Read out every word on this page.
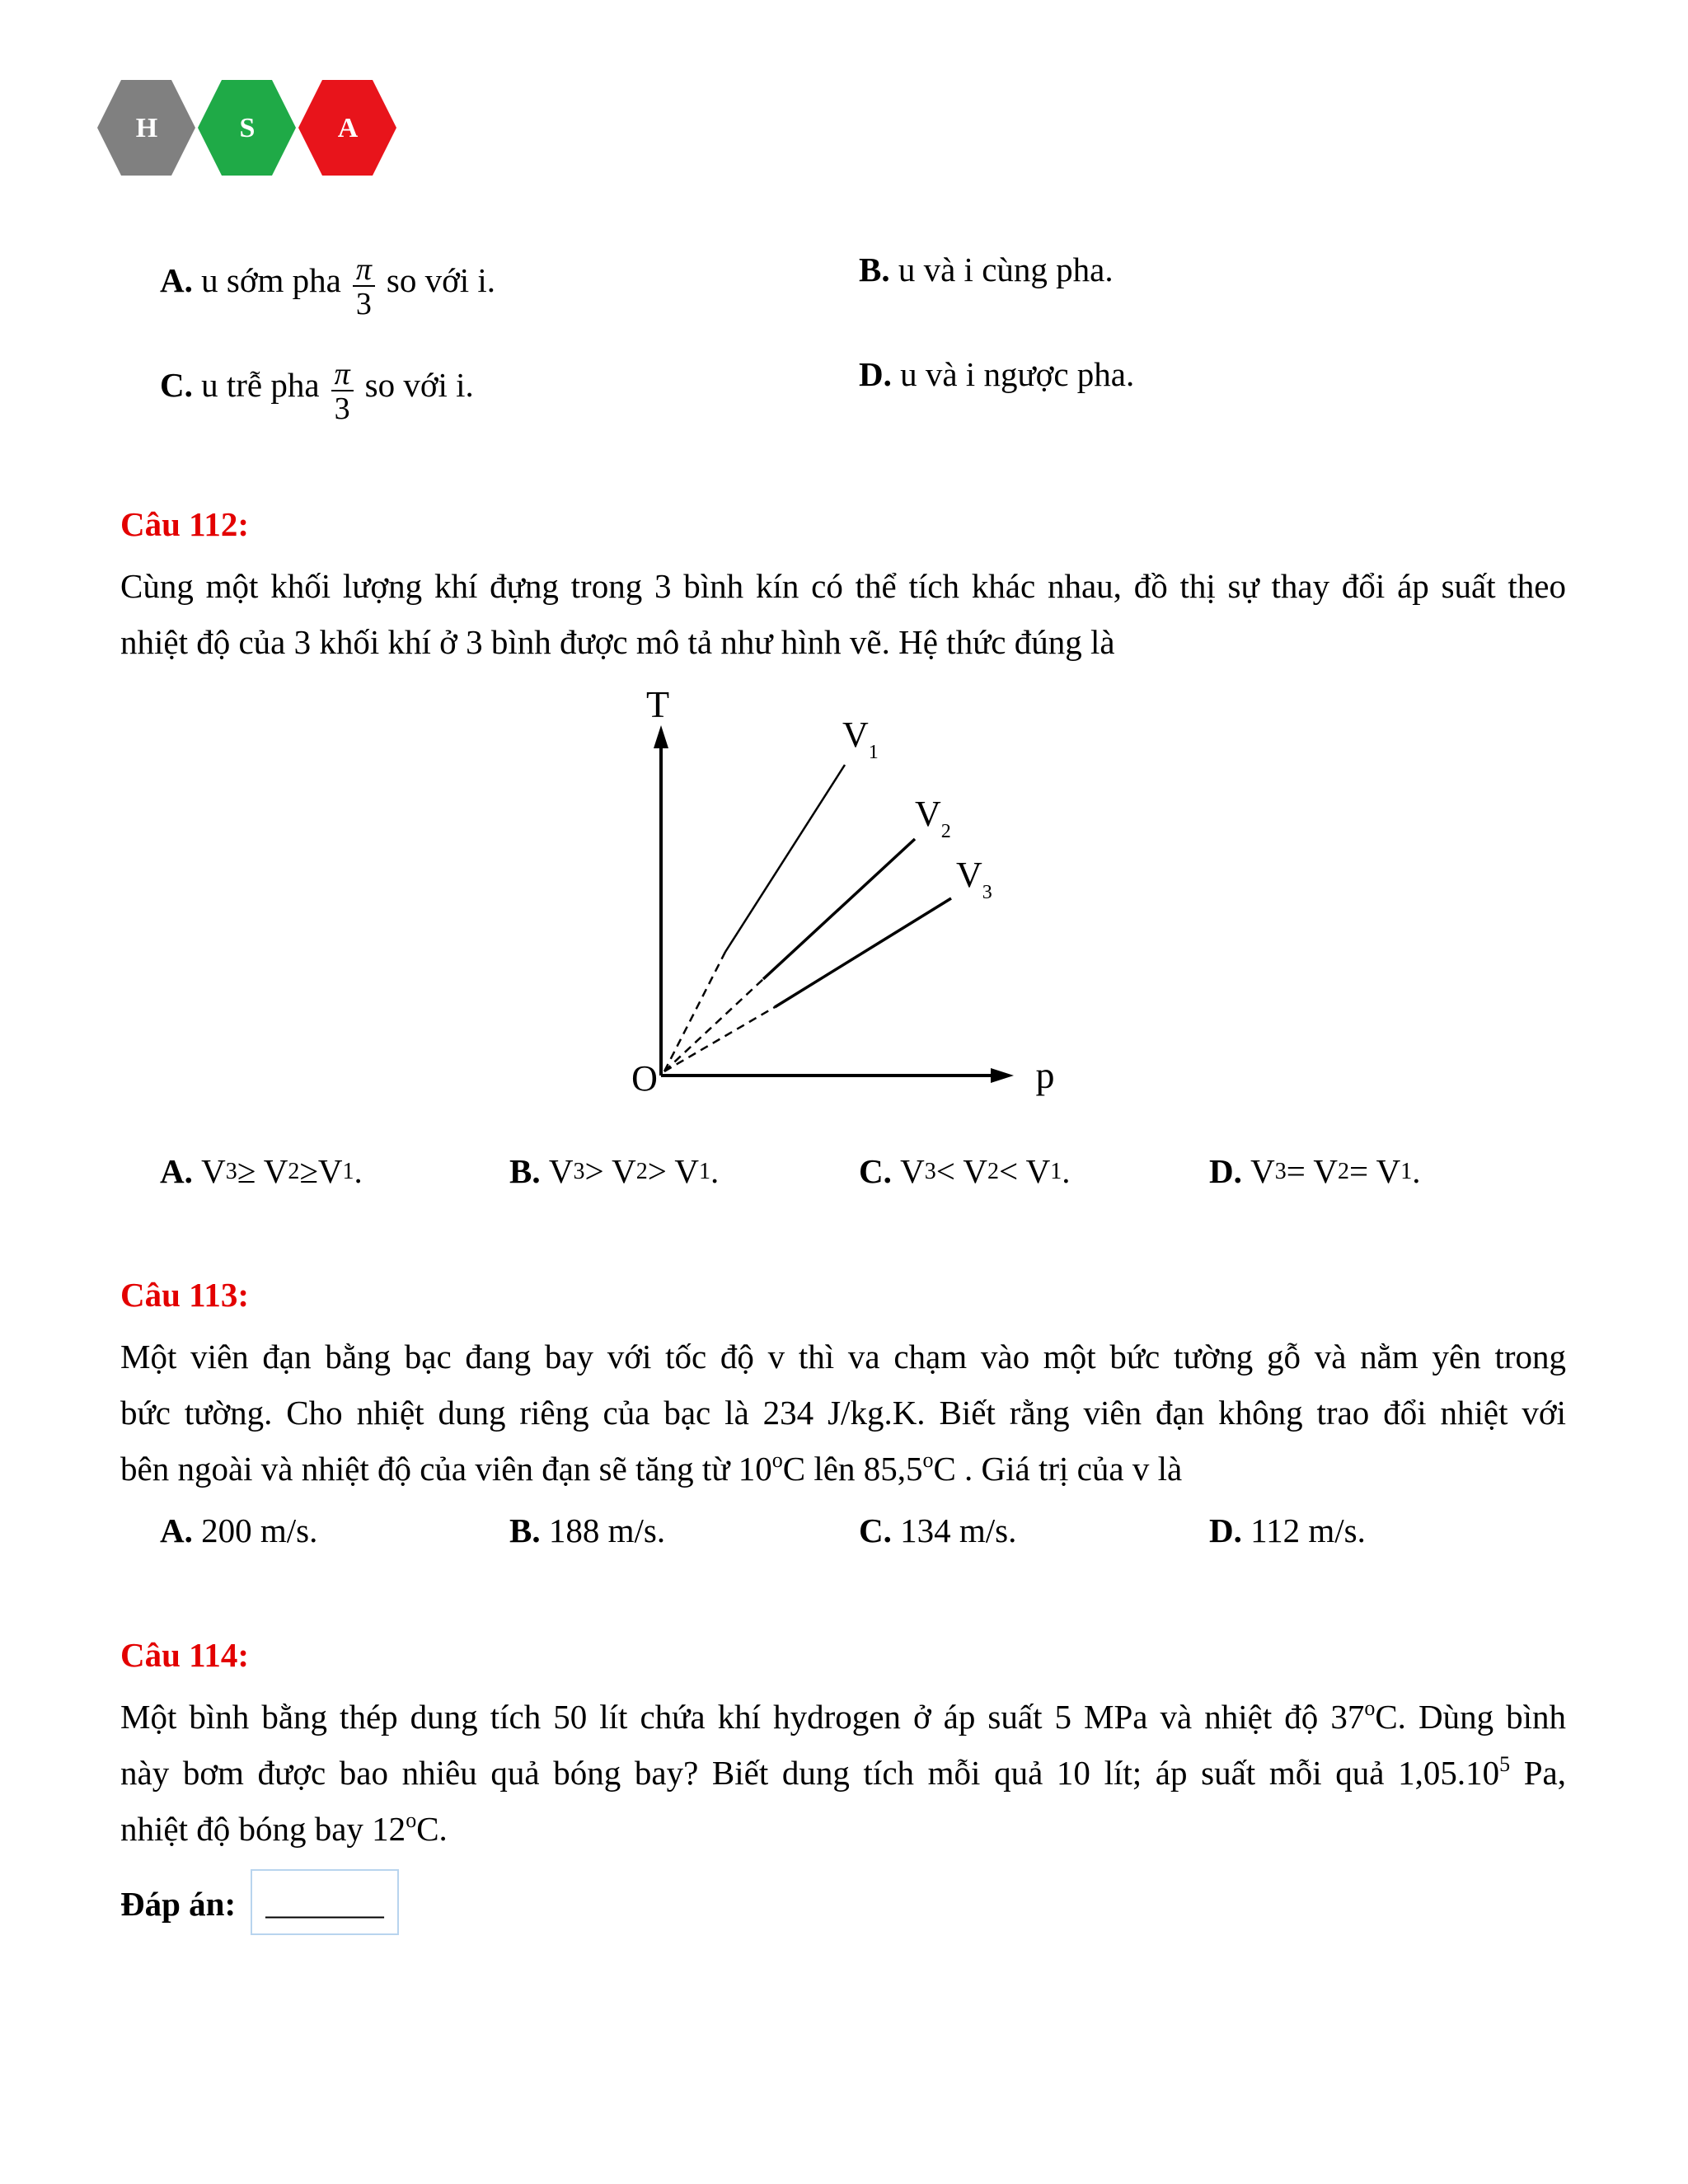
H	S	A
A.
u sớm pha $\frac{\pi}{3}$ so với i.	B.
u và i cùng pha.
C.
u trễ pha $\frac{\pi}{3}$ so với i.	D.
u và i ngược pha.
Câu 112:
Cùng một khối lượng khí đựng trong 3 bình kín có thể tích khác nhau, đồ thị sự thay đổi áp suất theo
nhiệt độ của 3 khối khí ở 3 bình được mô tả như hình vẽ. Hệ thức đúng là
T
p
O
$V_1$
$V_2$
$V_3$
A.
V 3 ≥ V 2 ≥V 1 .	B.
V 3 > V 2 > V 1 .	C.
V 3 < V 2 < V 1 .	D.
V 3 = V 2 = V 1 .
Câu 113:
Một viên đạn bằng bạc đang bay với tốc độ v thì va chạm vào một bức tường gỗ và nằm yên trong
bức tường. Cho nhiệt dung riêng của bạc là 234 J/kg.K. Biết rằng viên đạn không trao đổi nhiệt với
bên ngoài và nhiệt độ của viên đạn sẽ tăng từ 10$^o$C lên 85,5$^o$C . Giá trị của v là
A.
200 m/s.	B.
188 m/s.	C.
134 m/s.	D.
112 m/s.
Câu 114:
Một bình bằng thép dung tích 50 lít chứa khí hydrogen ở áp suất 5 MPa và nhiệt độ 37$^o$C. Dùng bình
này bơm được bao nhiêu quả bóng bay? Biết dung tích mỗi quả 10 lít; áp suất mỗi quả 1,05.10$^5$ Pa,
nhiệt độ bóng bay 12$^o$C.
Đáp án: _______
